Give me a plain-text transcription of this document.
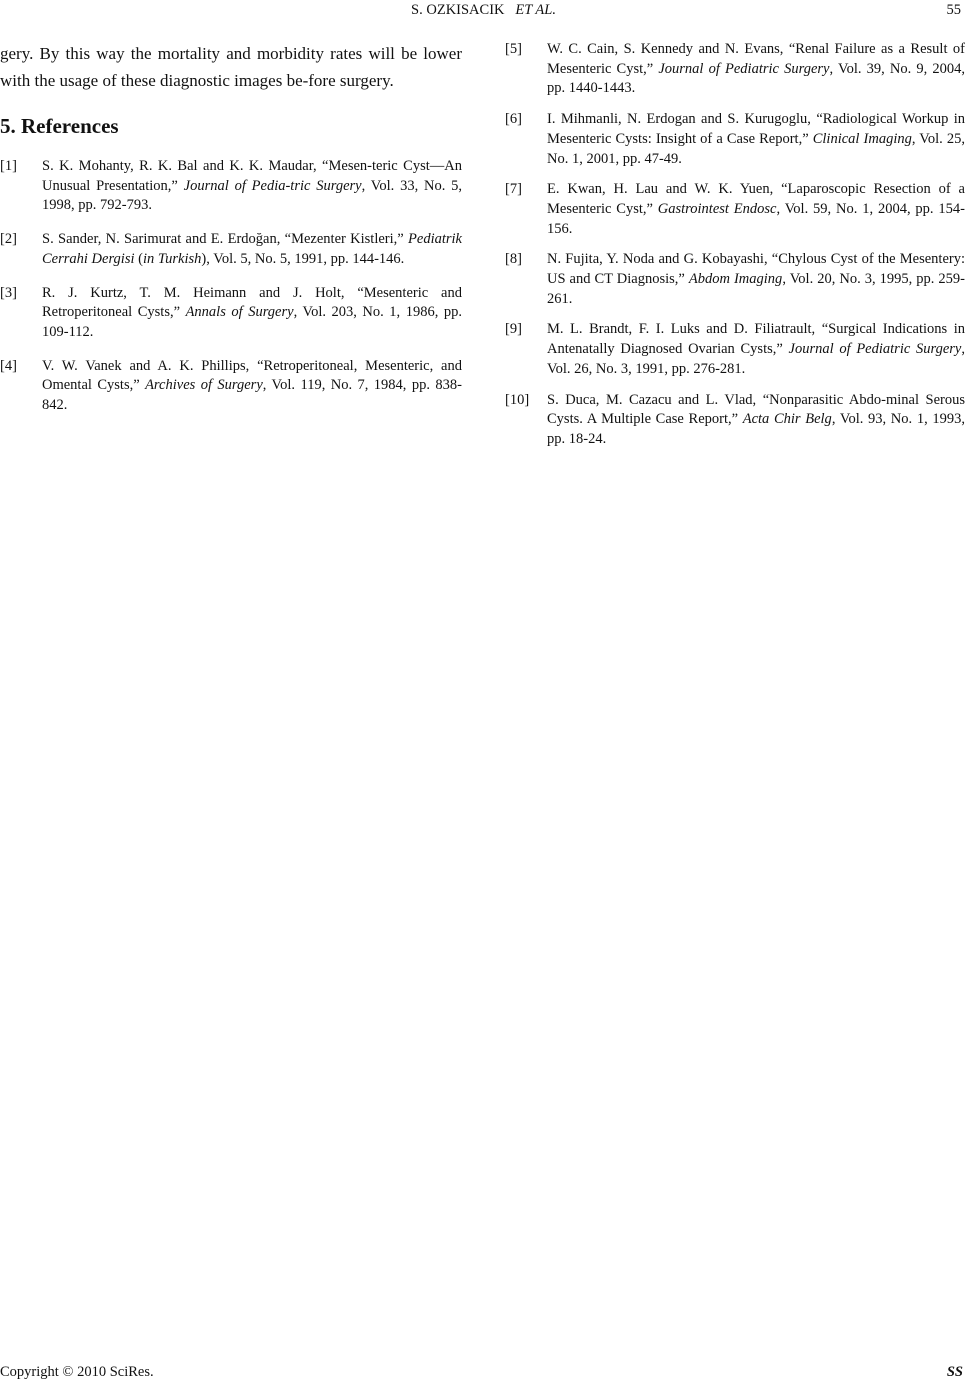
S. OZKISACIK ET AL.	55

gery. By this way the mortality and morbidity rates will be lower with the usage of these diagnostic images be-fore surgery.

5. References
[1] S. K. Mohanty, R. K. Bal and K. K. Maudar, “Mesen-teric Cyst—An Unusual Presentation,” Journal of Pedia-tric Surgery, Vol. 33, No. 5, 1998, pp. 792-793.
[2] S. Sander, N. Sarimurat and E. Erdoğan, “Mezenter Kistleri,” Pediatrik Cerrahi Dergisi (in Turkish), Vol. 5, No. 5, 1991, pp. 144-146.
[3] R. J. Kurtz, T. M. Heimann and J. Holt, “Mesenteric and Retroperitoneal Cysts,” Annals of Surgery, Vol. 203, No. 1, 1986, pp. 109-112.
[4] V. W. Vanek and A. K. Phillips, “Retroperitoneal, Mesenteric, and Omental Cysts,” Archives of Surgery, Vol. 119, No. 7, 1984, pp. 838-842.
[5] W. C. Cain, S. Kennedy and N. Evans, “Renal Failure as a Result of Mesenteric Cyst,” Journal of Pediatric Surgery, Vol. 39, No. 9, 2004, pp. 1440-1443.
[6] I. Mihmanli, N. Erdogan and S. Kurugoglu, “Radiological Workup in Mesenteric Cysts: Insight of a Case Report,” Clinical Imaging, Vol. 25, No. 1, 2001, pp. 47-49.
[7] E. Kwan, H. Lau and W. K. Yuen, “Laparoscopic Resection of a Mesenteric Cyst,” Gastrointest Endosc, Vol. 59, No. 1, 2004, pp. 154-156.
[8] N. Fujita, Y. Noda and G. Kobayashi, “Chylous Cyst of the Mesentery: US and CT Diagnosis,” Abdom Imaging, Vol. 20, No. 3, 1995, pp. 259-261.
[9] M. L. Brandt, F. I. Luks and D. Filiatrault, “Surgical Indications in Antenatally Diagnosed Ovarian Cysts,” Journal of Pediatric Surgery, Vol. 26, No. 3, 1991, pp. 276-281.
[10] S. Duca, M. Cazacu and L. Vlad, “Nonparasitic Abdo-minal Serous Cysts. A Multiple Case Report,” Acta Chir Belg, Vol. 93, No. 1, 1993, pp. 18-24.
Copyright © 2010 SciRes.	SS
